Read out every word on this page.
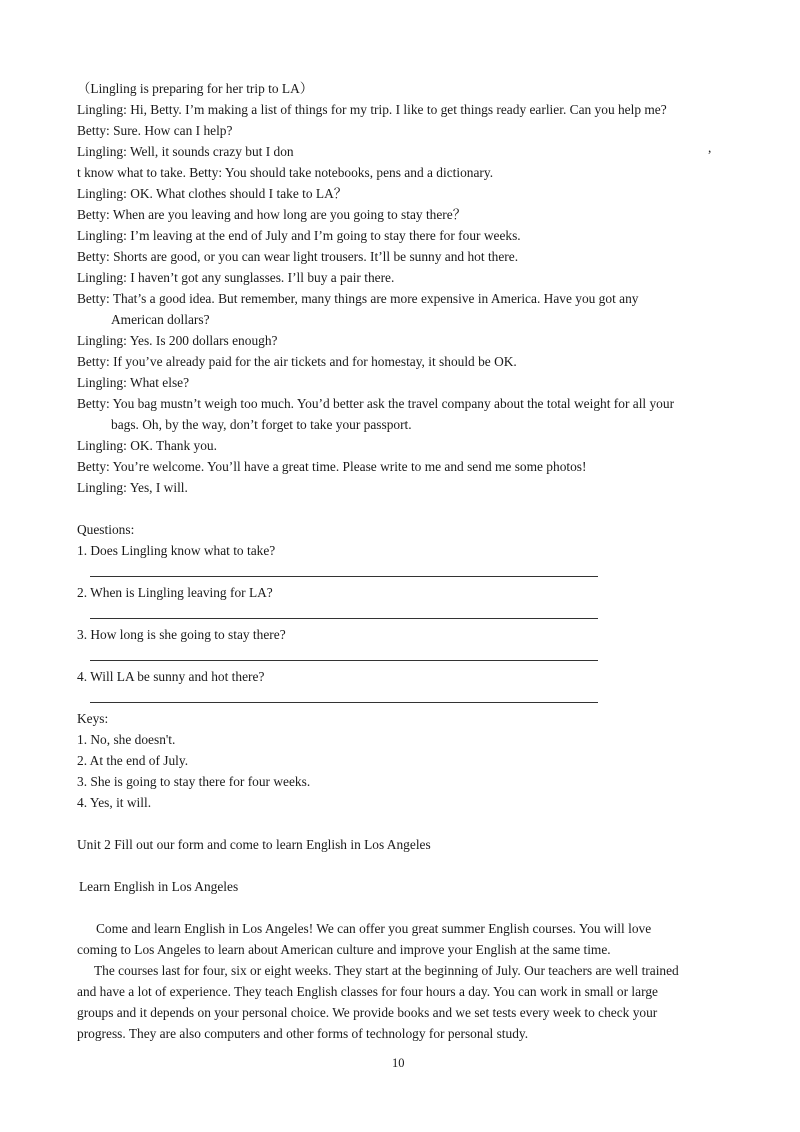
（Lingling is preparing for her trip to LA）
Lingling: Hi, Betty. I’m making a list of things for my trip. I like to get things ready earlier. Can you help me?
Betty: Sure. How can I help?
Lingling: Well, it sounds crazy but I don	,
t know what to take. Betty: You should take notebooks, pens and a dictionary.
Lingling: OK. What clothes should I take to LA？
Betty: When are you leaving and how long are you going to stay there？
Lingling: I’m leaving at the end of July and I’m going to stay there for four weeks.
Betty: Shorts are good, or you can wear light trousers. It’ll be sunny and hot there.
Lingling: I haven’t got any sunglasses. I’ll buy a pair there.
Betty: That’s a good idea. But remember, many things are more expensive in America. Have you got any
American dollars?
Lingling: Yes. Is 200 dollars enough?
Betty: If you’ve already paid for the air tickets and for homestay, it should be OK.
Lingling: What else?
Betty: You bag mustn’t weigh too much. You’d better ask the travel company about the total weight for all your
bags. Oh, by the way, don’t forget to take your passport.
Lingling: OK. Thank you.
Betty: You’re welcome. You’ll have a great time. Please write to me and send me some photos!
Lingling: Yes, I will.
Questions:
1. Does Lingling know what to take?
2. When is Lingling leaving for LA?
3. How long is she going to stay there?
4. Will LA be sunny and hot there?
Keys:
1. No, she doesn't.
2. At the end of July.
3. She is going to stay there for four weeks.
4. Yes, it will.
Unit 2 Fill out our form and come to learn English in Los Angeles
Learn English in Los Angeles
Come and learn English in Los Angeles! We can offer you great summer English courses. You will love
coming to Los Angeles to learn about American culture and improve your English at the same time.
The courses last for four, six or eight weeks. They start at the beginning of July. Our teachers are well trained
and have a lot of experience. They teach English classes for four hours a day. You can work in small or large
groups and it depends on your personal choice. We provide books and we set tests every week to check your
progress. They are also computers and other forms of technology for personal study.
10
